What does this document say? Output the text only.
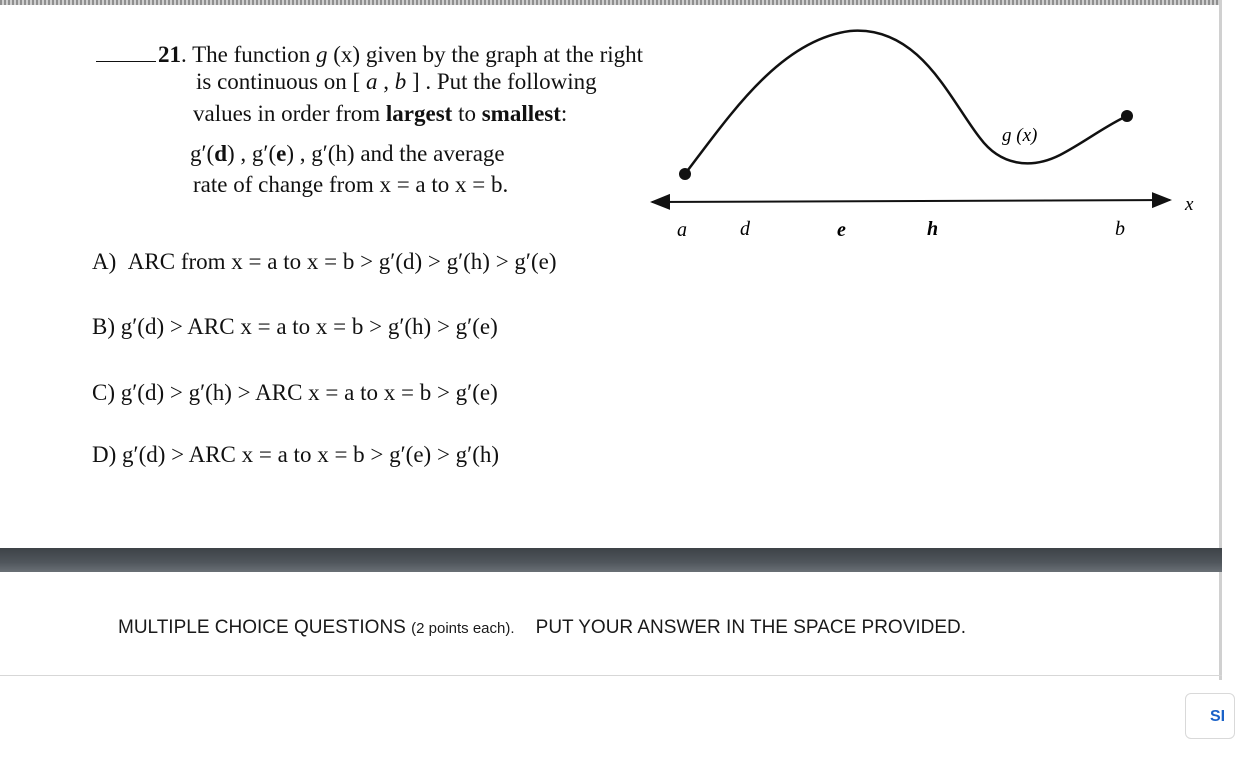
21. The function g (x) given by the graph at the right
is continuous on [ a , b ] . Put the following
values in order from largest to smallest:
g′(d) , g′(e) , g′(h) and the average
rate of change from x = a to x = b.
g (x)
x
a	d	e	h	b
A) ARC from x = a to x = b > g′(d) > g′(h) > g′(e)
B) g′(d) > ARC x = a to x = b > g′(h) > g′(e)
C) g′(d) > g′(h) > ARC x = a to x = b > g′(e)
D) g′(d) > ARC x = a to x = b > g′(e) > g′(h)
MULTIPLE CHOICE QUESTIONS (2 points each). PUT YOUR ANSWER IN THE SPACE PROVIDED.
SI
